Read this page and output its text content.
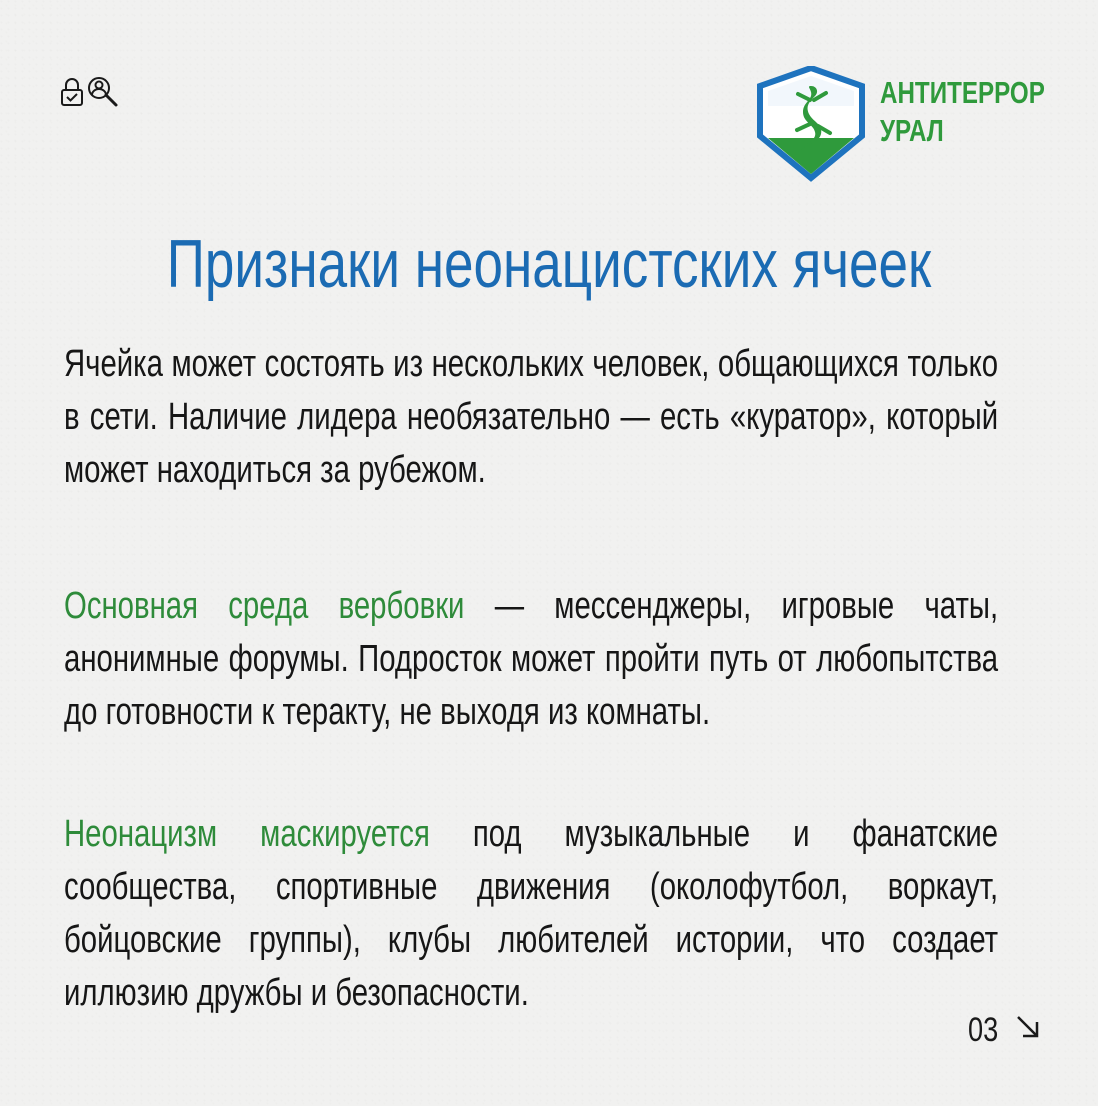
АНТИТЕРРОР
УРАЛ
Признаки неонацистских ячеек
Ячейка может состоять из нескольких человек, общающихся только в сети. Наличие лидера необязательно — есть «куратор», который может находиться за рубежом.
Основная среда вербовки — мессенджеры, игровые чаты, анонимные форумы. Подросток может пройти путь от любопытства до готовности к теракту, не выходя из комнаты.
Неонацизм маскируется под музыкальные и фанатские сообщества, спортивные движения (околофутбол, воркаут, бойцовские группы), клубы любителей истории, что создает иллюзию дружбы и безопасности.
03
